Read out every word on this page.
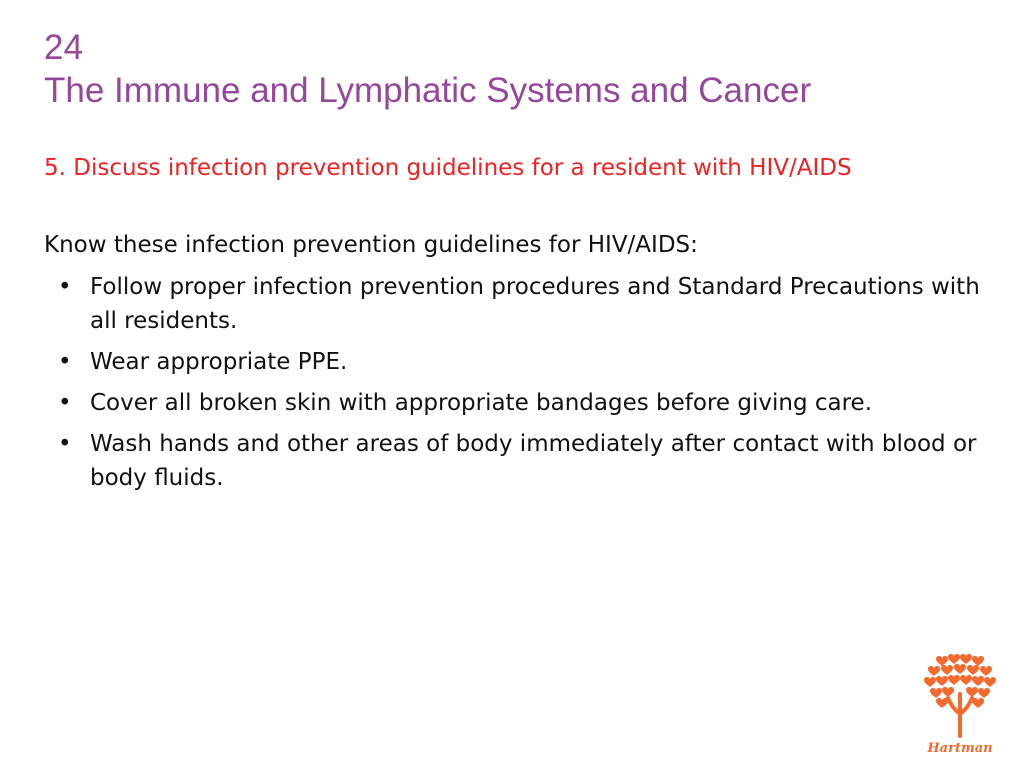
24
The Immune and Lymphatic Systems and Cancer
5. Discuss infection prevention guidelines for a resident with HIV/AIDS
Know these infection prevention guidelines for HIV/AIDS:
• Follow proper infection prevention procedures and Standard Precautions with all residents.
• Wear appropriate PPE.
• Cover all broken skin with appropriate bandages before giving care.
• Wash hands and other areas of body immediately after contact with blood or body fluids.
Hartman
